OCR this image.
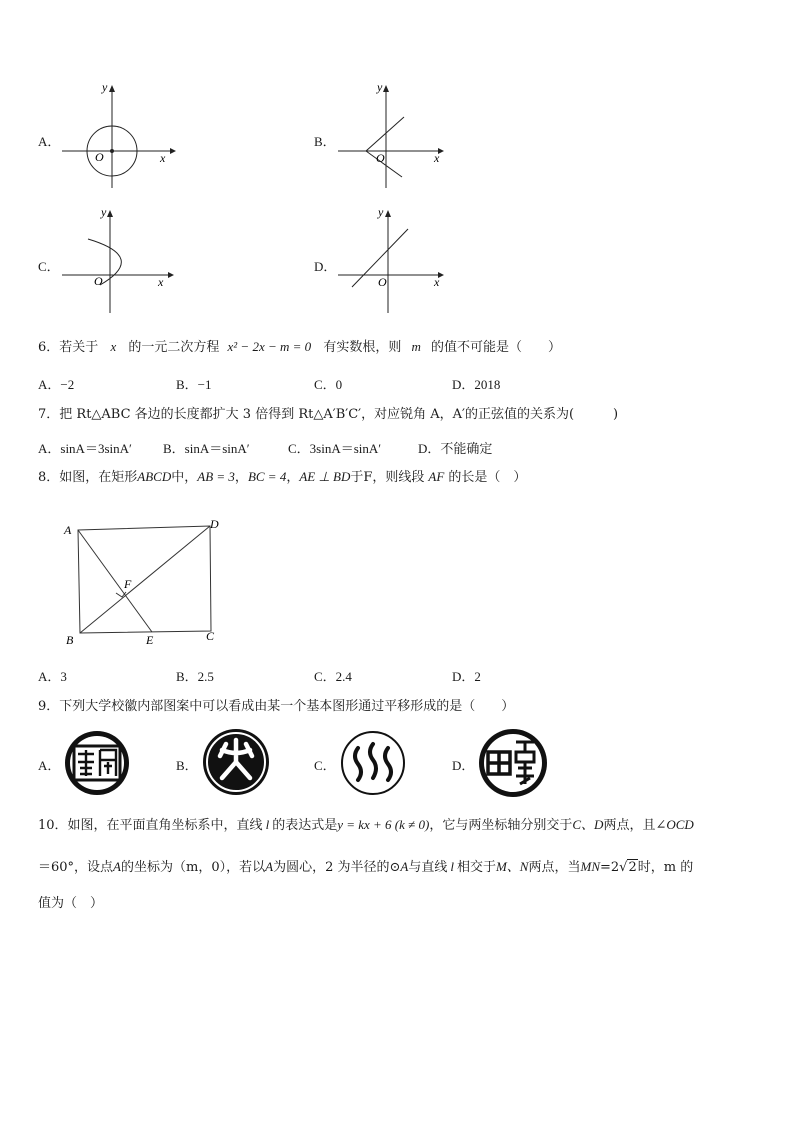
A．
x
y
O
B．
x
y
O
C．
x
y
O
D．
x
y
O
6．若关于 x 的一元二次方程 x² − 2x − m = 0 有实数根，则 m 的值不可能是（　　）
A．−2	B．−1	C．0	D．2018
7．把 Rt△ABC 各边的长度都扩大 3 倍得到 Rt△A′B′C′，对应锐角 A，A′的正弦值的关系为(　　　)
A．sinA＝3sinA′ B．sinA＝sinA′	C．3sinA＝sinA′	D．不能确定
8．如图，在矩形ABCD中，AB = 3，BC = 4，AE ⊥ BD于F，则线段 AF 的长是（　）
A	D
B	C
E
F
A．3	B．2.5	C．2.4	D．2
9．下列大学校徽内部图案中可以看成由某一个基本图形通过平移形成的是（　　）
A．	B．	C．	D．
10．如图，在平面直角坐标系中，直线 l 的表达式是y = kx + 6 (k ≠ 0)，它与两坐标轴分别交于C、D两点，且∠OCD
＝60°，设点A的坐标为（m，0），若以A为圆心，2 为半径的⊙A与直线 l 相交于M、N两点，当MN=2√2时，m 的
值为（　）
